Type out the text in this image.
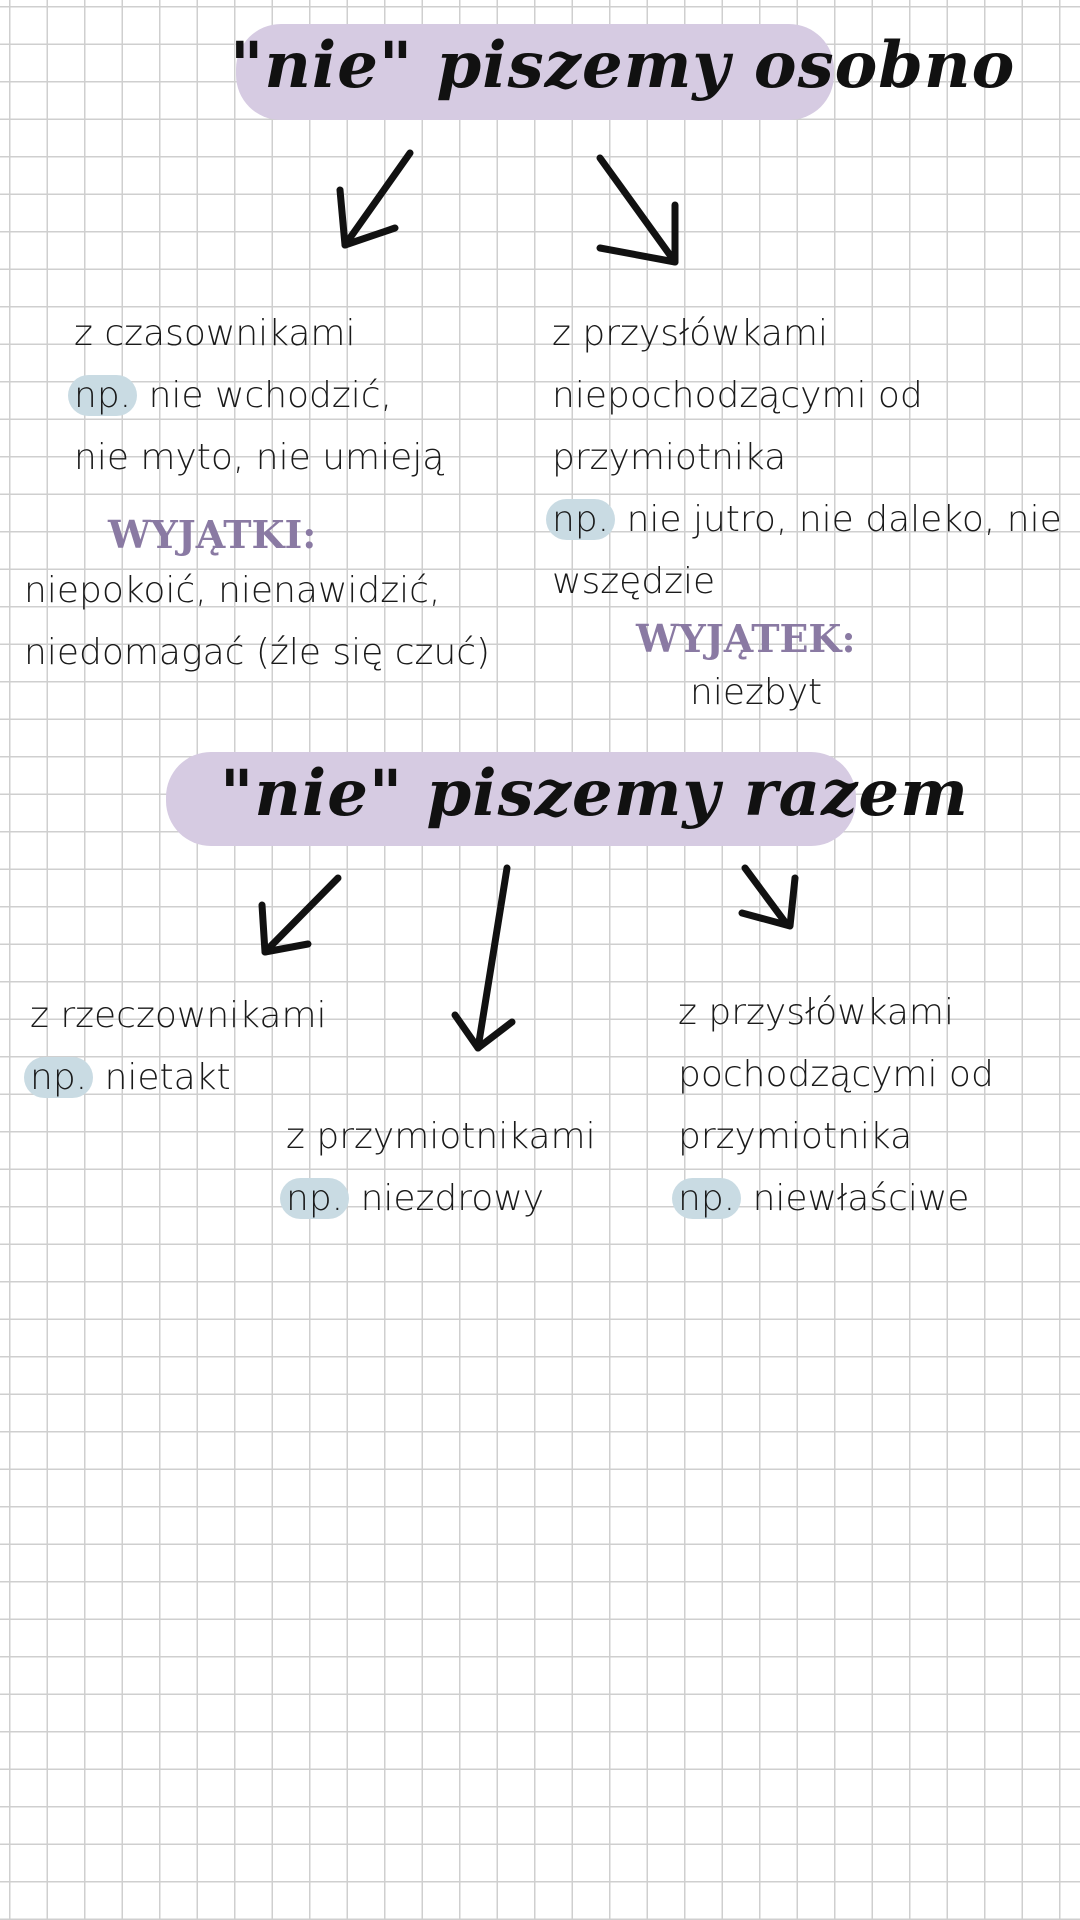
"nie" piszemy osobno
z czasownikami
np. nie wchodzić,
nie myto, nie umieją
WYJĄTKI:
niepokoić, nienawidzić,
niedomagać (źle się czuć)
z przysłówkami
niepochodzącymi od
przymiotnika
np. nie jutro, nie daleko, nie
wszędzie
WYJĄTEK:
niezbyt
"nie" piszemy razem
z rzeczownikami
np. nietakt
z przymiotnikami
np. niezdrowy
z przysłówkami
pochodzącymi od
przymiotnika
np. niewłaściwe
